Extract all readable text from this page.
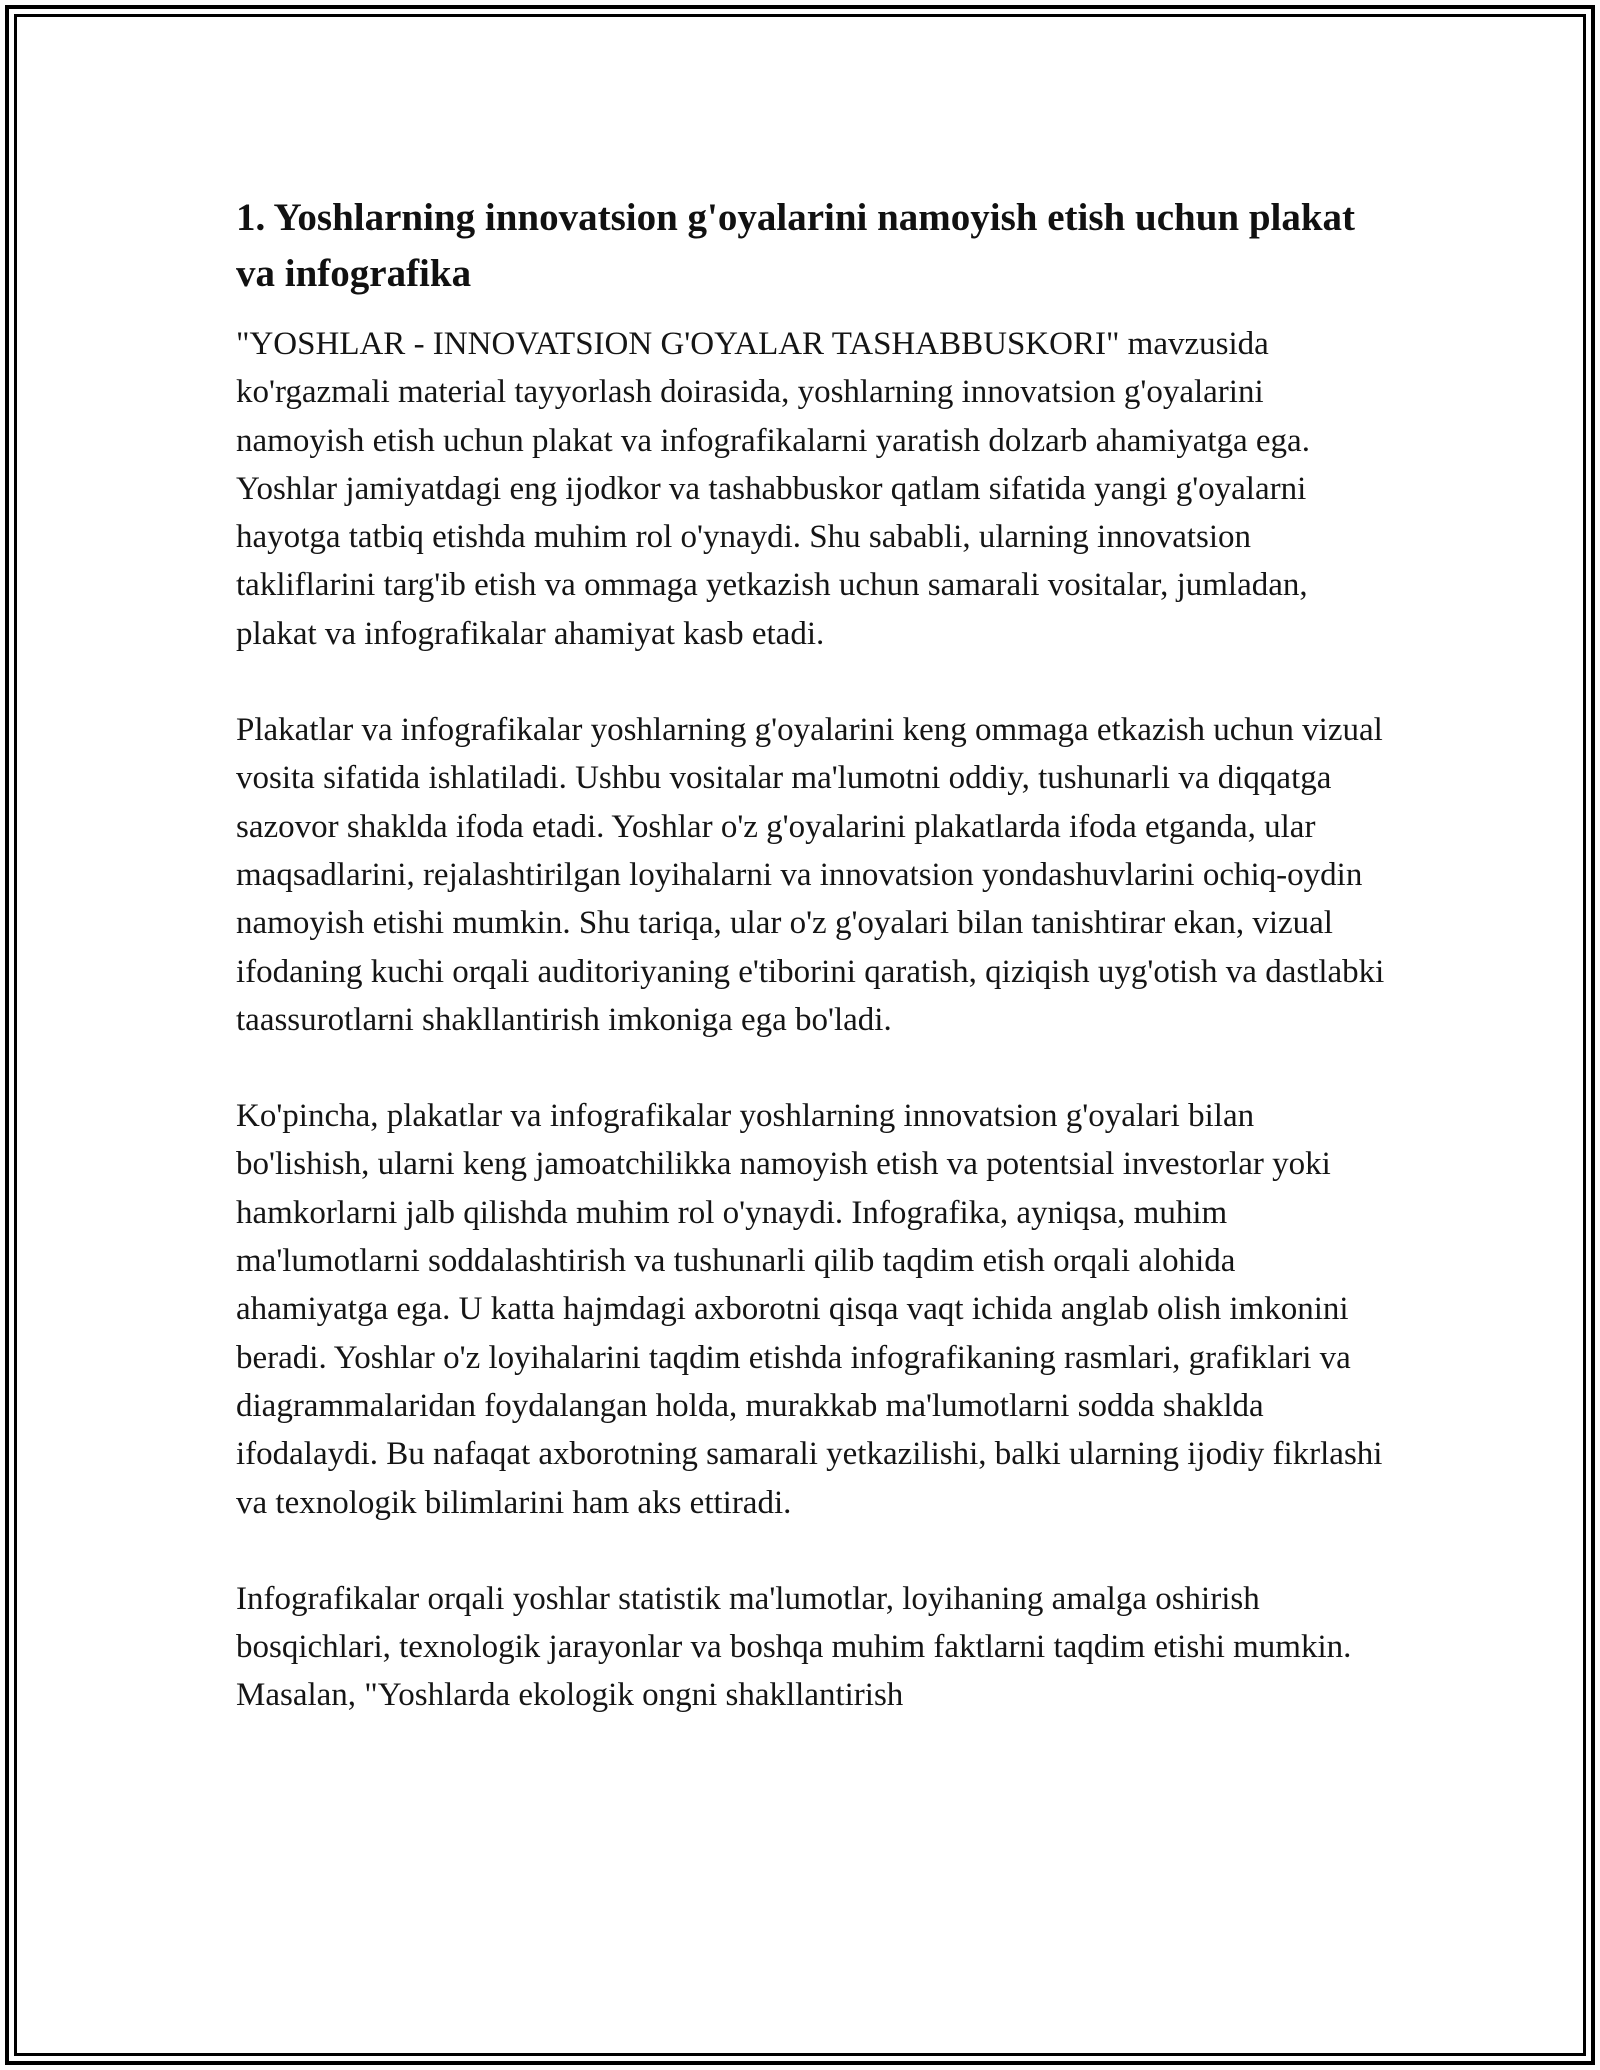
1. Yoshlarning innovatsion g'oyalarini namoyish etish uchun plakat va infografika

"YOSHLAR - INNOVATSION G'OYALAR TASHABBUSKORI" mavzusida ko'rgazmali material tayyorlash doirasida, yoshlarning innovatsion g'oyalarini namoyish etish uchun plakat va infografikalarni yaratish dolzarb ahamiyatga ega. Yoshlar jamiyatdagi eng ijodkor va tashabbuskor qatlam sifatida yangi g'oyalarni hayotga tatbiq etishda muhim rol o'ynaydi. Shu sababli, ularning innovatsion takliflarini targ'ib etish va ommaga yetkazish uchun samarali vositalar, jumladan, plakat va infografikalar ahamiyat kasb etadi.

Plakatlar va infografikalar yoshlarning g'oyalarini keng ommaga etkazish uchun vizual vosita sifatida ishlatiladi. Ushbu vositalar ma'lumotni oddiy, tushunarli va diqqatga sazovor shaklda ifoda etadi. Yoshlar o'z g'oyalarini plakatlarda ifoda etganda, ular maqsadlarini, rejalashtirilgan loyihalarni va innovatsion yondashuvlarini ochiq-oydin namoyish etishi mumkin. Shu tariqa, ular o'z g'oyalari bilan tanishtirar ekan, vizual ifodaning kuchi orqali auditoriyaning e'tiborini qaratish, qiziqish uyg'otish va dastlabki taassurotlarni shakllantirish imkoniga ega bo'ladi.

Ko'pincha, plakatlar va infografikalar yoshlarning innovatsion g'oyalari bilan bo'lishish, ularni keng jamoatchilikka namoyish etish va potentsial investorlar yoki hamkorlarni jalb qilishda muhim rol o'ynaydi. Infografika, ayniqsa, muhim ma'lumotlarni soddalashtirish va tushunarli qilib taqdim etish orqali alohida ahamiyatga ega. U katta hajmdagi axborotni qisqa vaqt ichida anglab olish imkonini beradi. Yoshlar o'z loyihalarini taqdim etishda infografikaning rasmlari, grafiklari va diagrammalaridan foydalangan holda, murakkab ma'lumotlarni sodda shaklda ifodalaydi. Bu nafaqat axborotning samarali yetkazilishi, balki ularning ijodiy fikrlashi va texnologik bilimlarini ham aks ettiradi.

Infografikalar orqali yoshlar statistik ma'lumotlar, loyihaning amalga oshirish bosqichlari, texnologik jarayonlar va boshqa muhim faktlarni taqdim etishi mumkin. Masalan, "Yoshlarda ekologik ongni shakllantirish
